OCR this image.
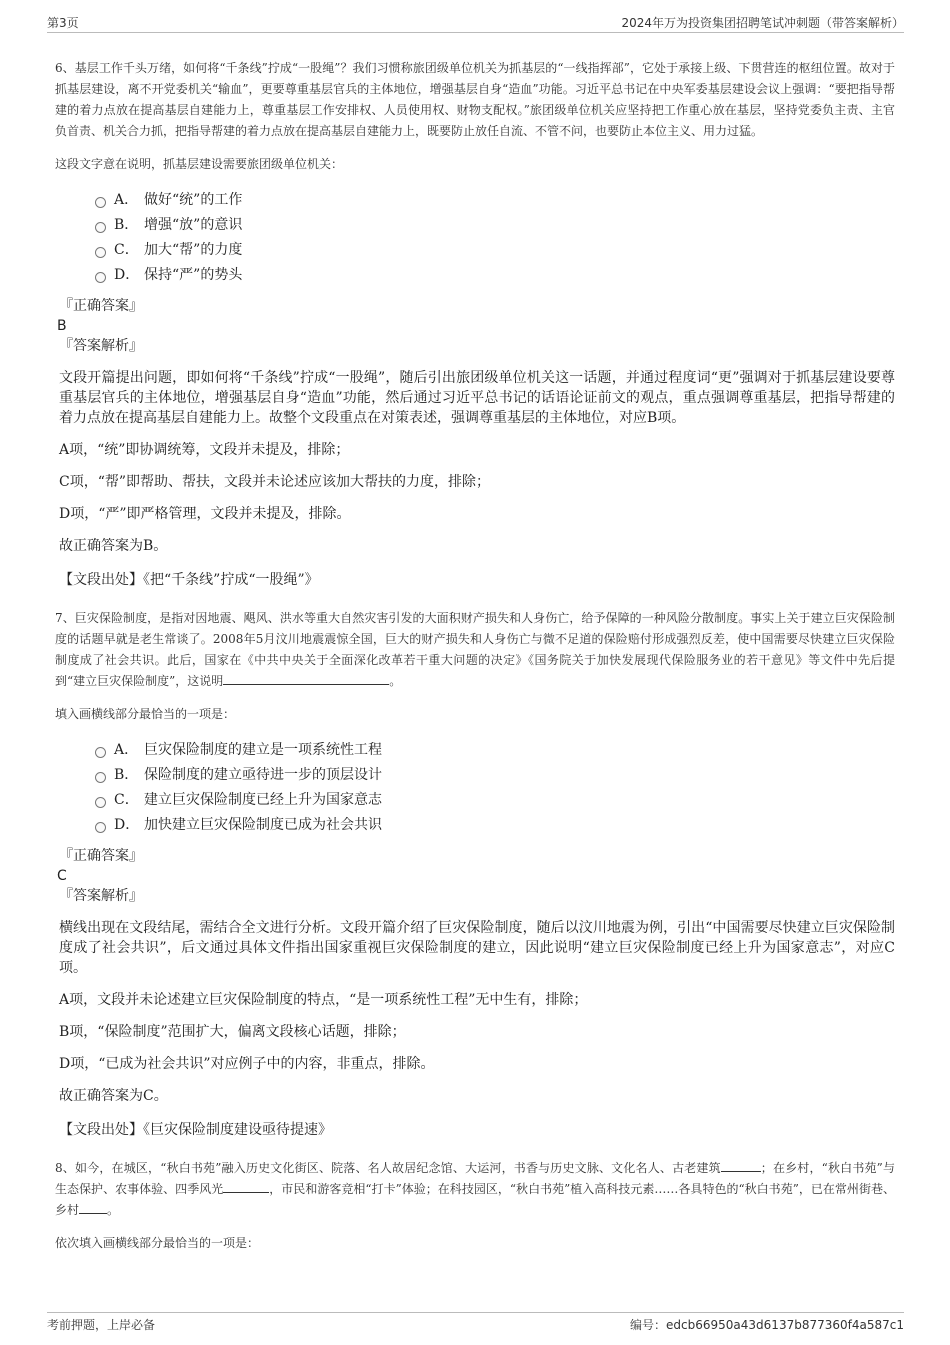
第3页	2024年万为投资集团招聘笔试冲刺题（带答案解析）

6、基层工作千头万绪，如何将“千条线”拧成“一股绳”？我们习惯称旅团级单位机关为抓基层的“一线指挥部”，它处于承接上级、下贯营连的枢纽位置。故对于抓基层建设，离不开党委机关“输血”，更要尊重基层官兵的主体地位，增强基层自身“造血”功能。习近平总书记在中央军委基层建设会议上强调：“要把指导帮建的着力点放在提高基层自建能力上，尊重基层工作安排权、人员使用权、财物支配权。”旅团级单位机关应坚持把工作重心放在基层，坚持党委负主责、主官负首责、机关合力抓，把指导帮建的着力点放在提高基层自建能力上，既要防止放任自流、不管不问，也要防止本位主义、用力过猛。

这段文字意在说明，抓基层建设需要旅团级单位机关：

A． 做好“统”的工作
B． 增强“放”的意识
C． 加大“帮”的力度
D． 保持“严”的势头
『正确答案』
B
『答案解析』

文段开篇提出问题，即如何将“千条线”拧成“一股绳”，随后引出旅团级单位机关这一话题，并通过程度词“更”强调对于抓基层建设要尊重基层官兵的主体地位，增强基层自身“造血”功能，然后通过习近平总书记的话语论证前文的观点，重点强调尊重基层，把指导帮建的着力点放在提高基层自建能力上。故整个文段重点在对策表述，强调尊重基层的主体地位，对应B项。

A项，“统”即协调统筹，文段并未提及，排除；

C项，“帮”即帮助、帮扶，文段并未论述应该加大帮扶的力度，排除；

D项，“严”即严格管理，文段并未提及，排除。

故正确答案为B。

【文段出处】《把“千条线”拧成“一股绳”》

7、巨灾保险制度，是指对因地震、飓风、洪水等重大自然灾害引发的大面积财产损失和人身伤亡，给予保障的一种风险分散制度。事实上关于建立巨灾保险制度的话题早就是老生常谈了。2008年5月汶川地震震惊全国，巨大的财产损失和人身伤亡与微不足道的保险赔付形成强烈反差，使中国需要尽快建立巨灾保险制度成了社会共识。此后，国家在《中共中央关于全面深化改革若干重大问题的决定》《国务院关于加快发展现代保险服务业的若干意见》等文件中先后提到“建立巨灾保险制度”，这说明	。

填入画横线部分最恰当的一项是：

A． 巨灾保险制度的建立是一项系统性工程
B． 保险制度的建立亟待进一步的顶层设计
C． 建立巨灾保险制度已经上升为国家意志
D． 加快建立巨灾保险制度已成为社会共识
『正确答案』
C
『答案解析』

横线出现在文段结尾，需结合全文进行分析。文段开篇介绍了巨灾保险制度，随后以汶川地震为例，引出“中国需要尽快建立巨灾保险制度成了社会共识”，后文通过具体文件指出国家重视巨灾保险制度的建立，因此说明“建立巨灾保险制度已经上升为国家意志”，对应C项。

A项，文段并未论述建立巨灾保险制度的特点，“是一项系统性工程”无中生有，排除；

B项，“保险制度”范围扩大，偏离文段核心话题，排除；

D项，“已成为社会共识”对应例子中的内容，非重点，排除。

故正确答案为C。

【文段出处】《巨灾保险制度建设亟待提速》

8、如今，在城区，“秋白书苑”融入历史文化街区、院落、名人故居纪念馆、大运河，书香与历史文脉、文化名人、古老建筑	；在乡村，“秋白书苑”与生态保护、农事体验、四季风光	，市民和游客竞相“打卡”体验；在科技园区，“秋白书苑”植入高科技元素……各具特色的“秋白书苑”，已在常州街巷、乡村 。

依次填入画横线部分最恰当的一项是：

考前押题，上岸必备	编号：edcb66950a43d6137b877360f4a587c1
